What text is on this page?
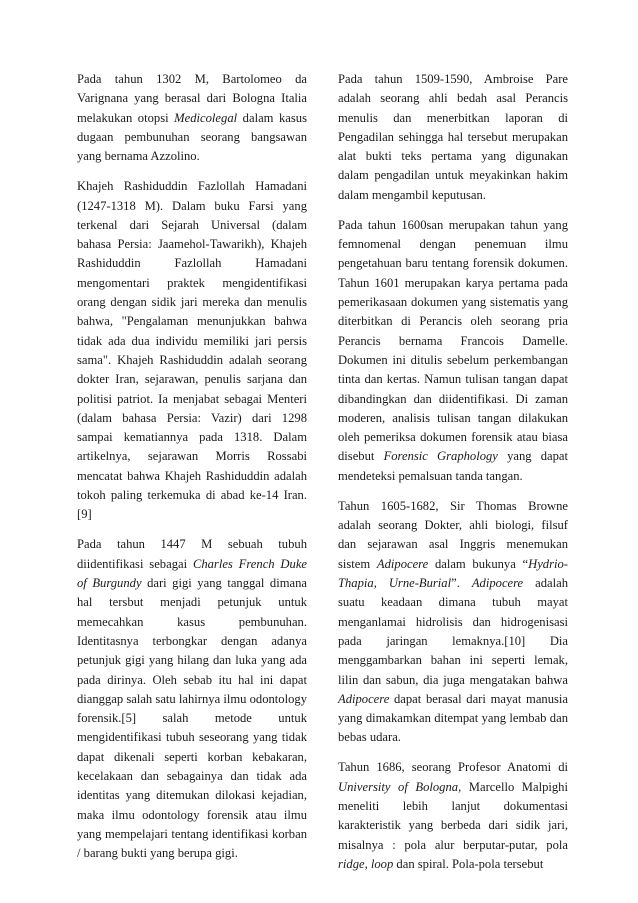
Pada tahun 1302 M, Bartolomeo da Varignana yang berasal dari Bologna Italia melakukan otopsi Medicolegal dalam kasus dugaan pembunuhan seorang bangsawan yang bernama Azzolino.

Khajeh Rashiduddin Fazlollah Hamadani (1247-1318 M). Dalam buku Farsi yang terkenal dari Sejarah Universal (dalam bahasa Persia: Jaamehol-Tawarikh), Khajeh Rashiduddin Fazlollah Hamadani mengomentari praktek mengidentifikasi orang dengan sidik jari mereka dan menulis bahwa, "Pengalaman menunjukkan bahwa tidak ada dua individu memiliki jari persis sama". Khajeh Rashiduddin adalah seorang dokter Iran, sejarawan, penulis sarjana dan politisi patriot. Ia menjabat sebagai Menteri (dalam bahasa Persia: Vazir) dari 1298 sampai kematiannya pada 1318. Dalam artikelnya, sejarawan Morris Rossabi mencatat bahwa Khajeh Rashiduddin adalah tokoh paling terkemuka di abad ke-14 Iran.[9]

Pada tahun 1447 M sebuah tubuh diidentifikasi sebagai Charles French Duke of Burgundy dari gigi yang tanggal dimana hal tersbut menjadi petunjuk untuk memecahkan kasus pembunuhan. Identitasnya terbongkar dengan adanya petunjuk gigi yang hilang dan luka yang ada pada dirinya. Oleh sebab itu hal ini dapat dianggap salah satu lahirnya ilmu odontology forensik.[5] salah metode untuk mengidentifikasi tubuh seseorang yang tidak dapat dikenali seperti korban kebakaran, kecelakaan dan sebagainya dan tidak ada identitas yang ditemukan dilokasi kejadian, maka ilmu odontology forensik atau ilmu yang mempelajari tentang identifikasi korban / barang bukti yang berupa gigi.

Pada tahun 1509-1590, Ambroise Pare adalah seorang ahli bedah asal Perancis menulis dan menerbitkan laporan di Pengadilan sehingga hal tersebut merupakan alat bukti teks pertama yang digunakan dalam pengadilan untuk meyakinkan hakim dalam mengambil keputusan.

Pada tahun 1600san merupakan tahun yang femnomenal dengan penemuan ilmu pengetahuan baru tentang forensik dokumen. Tahun 1601 merupakan karya pertama pada pemerikasaan dokumen yang sistematis yang diterbitkan di Perancis oleh seorang pria Perancis bernama Francois Damelle. Dokumen ini ditulis sebelum perkembangan tinta dan kertas. Namun tulisan tangan dapat dibandingkan dan diidentifikasi. Di zaman moderen, analisis tulisan tangan dilakukan oleh pemeriksa dokumen forensik atau biasa disebut Forensic Graphology yang dapat mendeteksi pemalsuan tanda tangan.

Tahun 1605-1682, Sir Thomas Browne adalah seorang Dokter, ahli biologi, filsuf dan sejarawan asal Inggris menemukan sistem Adipocere dalam bukunya “Hydrio-Thapia, Urne-Burial”. Adipocere adalah suatu keadaan dimana tubuh mayat menganlamai hidrolisis dan hidrogenisasi pada jaringan lemaknya.[10] Dia menggambarkan bahan ini seperti lemak, lilin dan sabun, dia juga mengatakan bahwa Adipocere dapat berasal dari mayat manusia yang dimakamkan ditempat yang lembab dan bebas udara.

Tahun 1686, seorang Profesor Anatomi di University of Bologna, Marcello Malpighi meneliti lebih lanjut dokumentasi karakteristik yang berbeda dari sidik jari, misalnya : pola alur berputar-putar, pola ridge, loop dan spiral. Pola-pola tersebut
